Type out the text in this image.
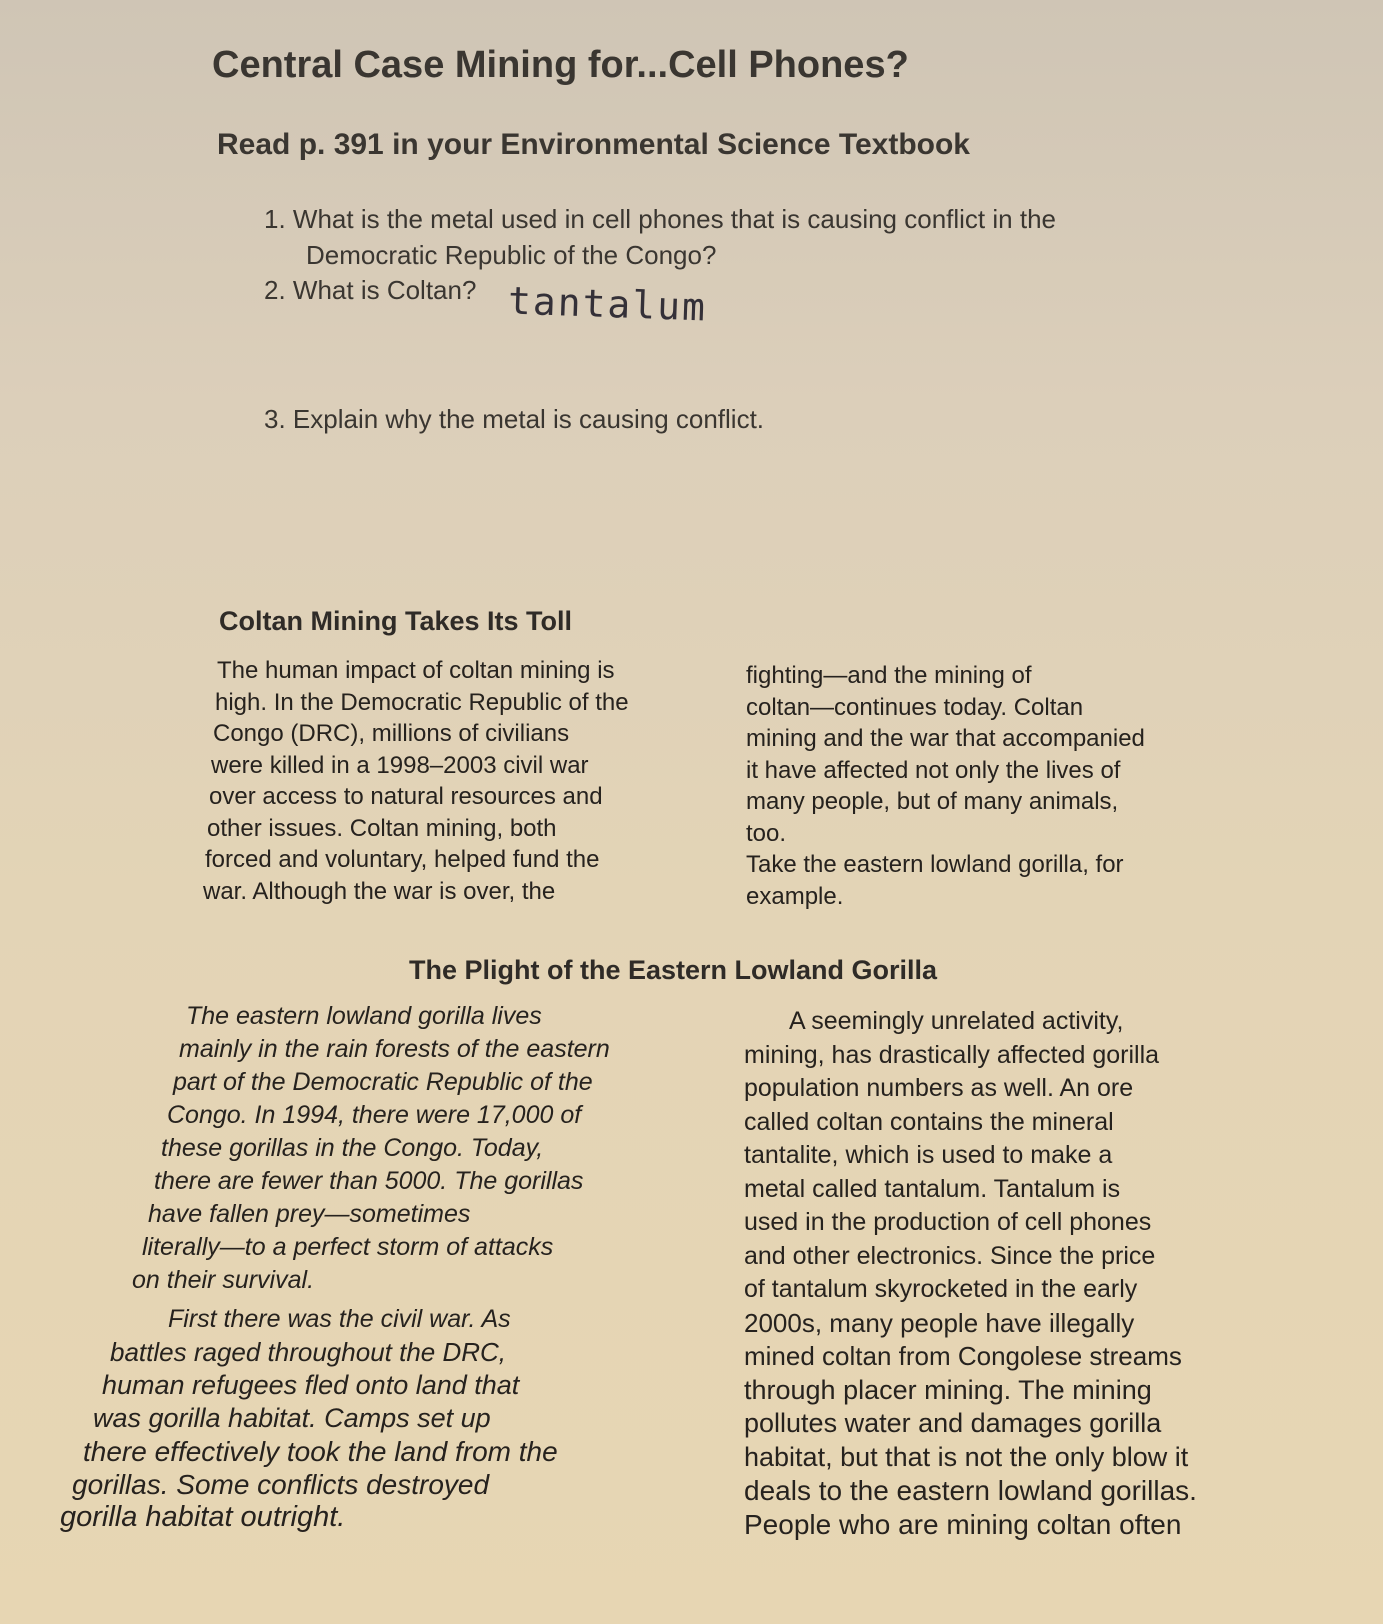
Central Case Mining for...Cell Phones?
Read p. 391 in your Environmental Science Textbook
1. What is the metal used in cell phones that is causing conflict in the
Democratic Republic of the Congo?
2. What is Coltan? tantalum
3. Explain why the metal is causing conflict.
Coltan Mining Takes Its Toll
The human impact of coltan mining is
high. In the Democratic Republic of the
Congo (DRC), millions of civilians
were killed in a 1998–2003 civil war
over access to natural resources and
other issues. Coltan mining, both
forced and voluntary, helped fund the
war. Although the war is over, the
fighting—and the mining of
coltan—continues today. Coltan
mining and the war that accompanied
it have affected not only the lives of
many people, but of many animals,
too.
Take the eastern lowland gorilla, for
example.
The Plight of the Eastern Lowland Gorilla
The eastern lowland gorilla lives
mainly in the rain forests of the eastern
part of the Democratic Republic of the
Congo. In 1994, there were 17,000 of
these gorillas in the Congo. Today,
there are fewer than 5000. The gorillas
have fallen prey—sometimes
literally—to a perfect storm of attacks
on their survival.
First there was the civil war. As
battles raged throughout the DRC,
human refugees fled onto land that
was gorilla habitat. Camps set up
there effectively took the land from the
gorillas. Some conflicts destroyed
gorilla habitat outright.
A seemingly unrelated activity,
mining, has drastically affected gorilla
population numbers as well. An ore
called coltan contains the mineral
tantalite, which is used to make a
metal called tantalum. Tantalum is
used in the production of cell phones
and other electronics. Since the price
of tantalum skyrocketed in the early
2000s, many people have illegally
mined coltan from Congolese streams
through placer mining. The mining
pollutes water and damages gorilla
habitat, but that is not the only blow it
deals to the eastern lowland gorillas.
People who are mining coltan often
